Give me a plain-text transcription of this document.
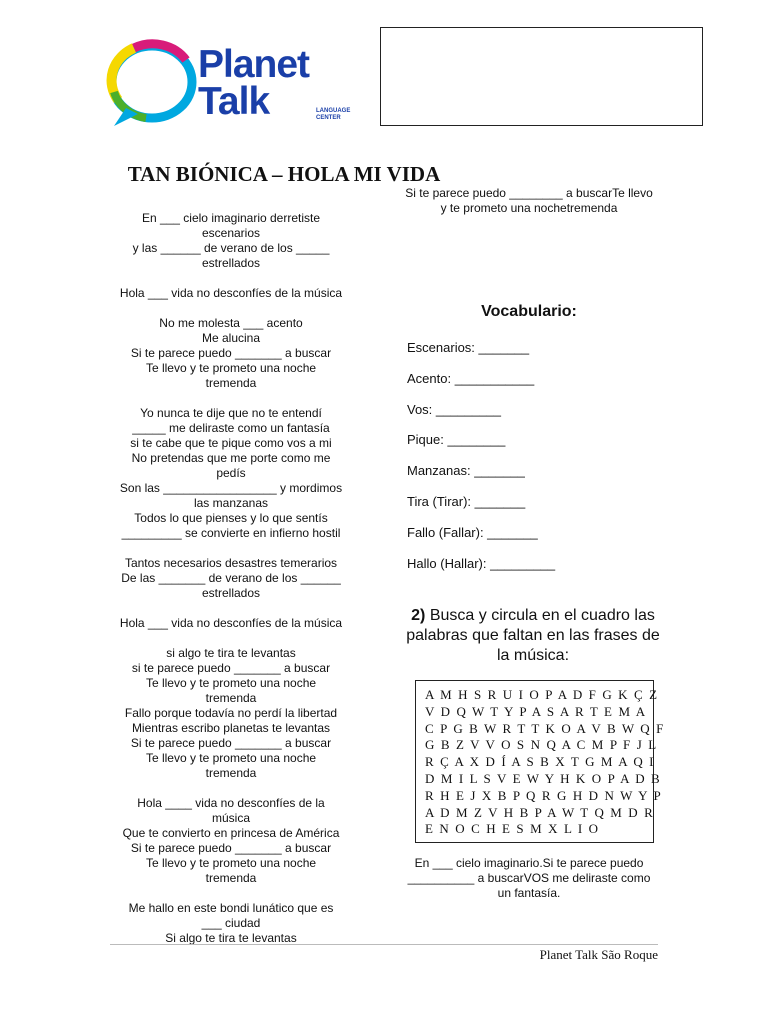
Planet
Talk	LANGUAGE CENTER
TAN BIÓNICA – HOLA MI VIDA
En ___ cielo imaginario derretiste
escenarios
y las ______ de verano de los _____
estrellados
Hola ___ vida no desconfíes de la música
No me molesta ___ acento
Me alucina
Si te parece puedo _______ a buscar
Te llevo y te prometo una noche
tremenda
Yo nunca te dije que no te entendí
_____ me deliraste como un fantasía
si te cabe que te pique como vos a mi
No pretendas que me porte como me
pedís
Son las _________________ y mordimos
las manzanas
Todos lo que pienses y lo que sentís
_________ se convierte en infierno hostil
Tantos necesarios desastres temerarios
De las _______ de verano de los ______
estrellados
Hola ___ vida no desconfíes de la música
si algo te tira te levantas
si te parece puedo _______ a buscar
Te llevo y te prometo una noche
tremenda
Fallo porque todavía no perdí la libertad
Mientras escribo planetas te levantas
Si te parece puedo _______ a buscar
Te llevo y te prometo una noche
tremenda
Hola ____ vida no desconfíes de la
música
Que te convierto en princesa de América
Si te parece puedo _______ a buscar
Te llevo y te prometo una noche
tremenda
Me hallo en este bondi lunático que es
___ ciudad
Si algo te tira te levantas
Si te parece puedo ________ a buscarTe llevo y te prometo una nochetremenda
Vocabulario:
Escenarios: _______
Acento: ___________
Vos: _________
Pique: ________
Manzanas: _______
Tira (Tirar): _______
Fallo (Fallar): _______
Hallo (Hallar): _________
2) Busca y circula en el cuadro las palabras que faltan en las frases de la música:
A M H S R U I O P A D F G K Ç Z
V D Q W T Y P A S A R T E M A
C P G B W R T T K O A V B W Q F
G B Z V V O S N Q A C M P F J L
R Ç A X D Í A S B X T G M A Q I
D M I L S V E W Y H K O P A D B
R H E J X B P Q R G H D N W Y P
A D M Z V H B P A W T Q M D R
E N O C H E S M X L I O
En ___ cielo imaginario.Si te parece puedo __________ a buscarVOS me deliraste como un fantasía.
Planet Talk São Roque
